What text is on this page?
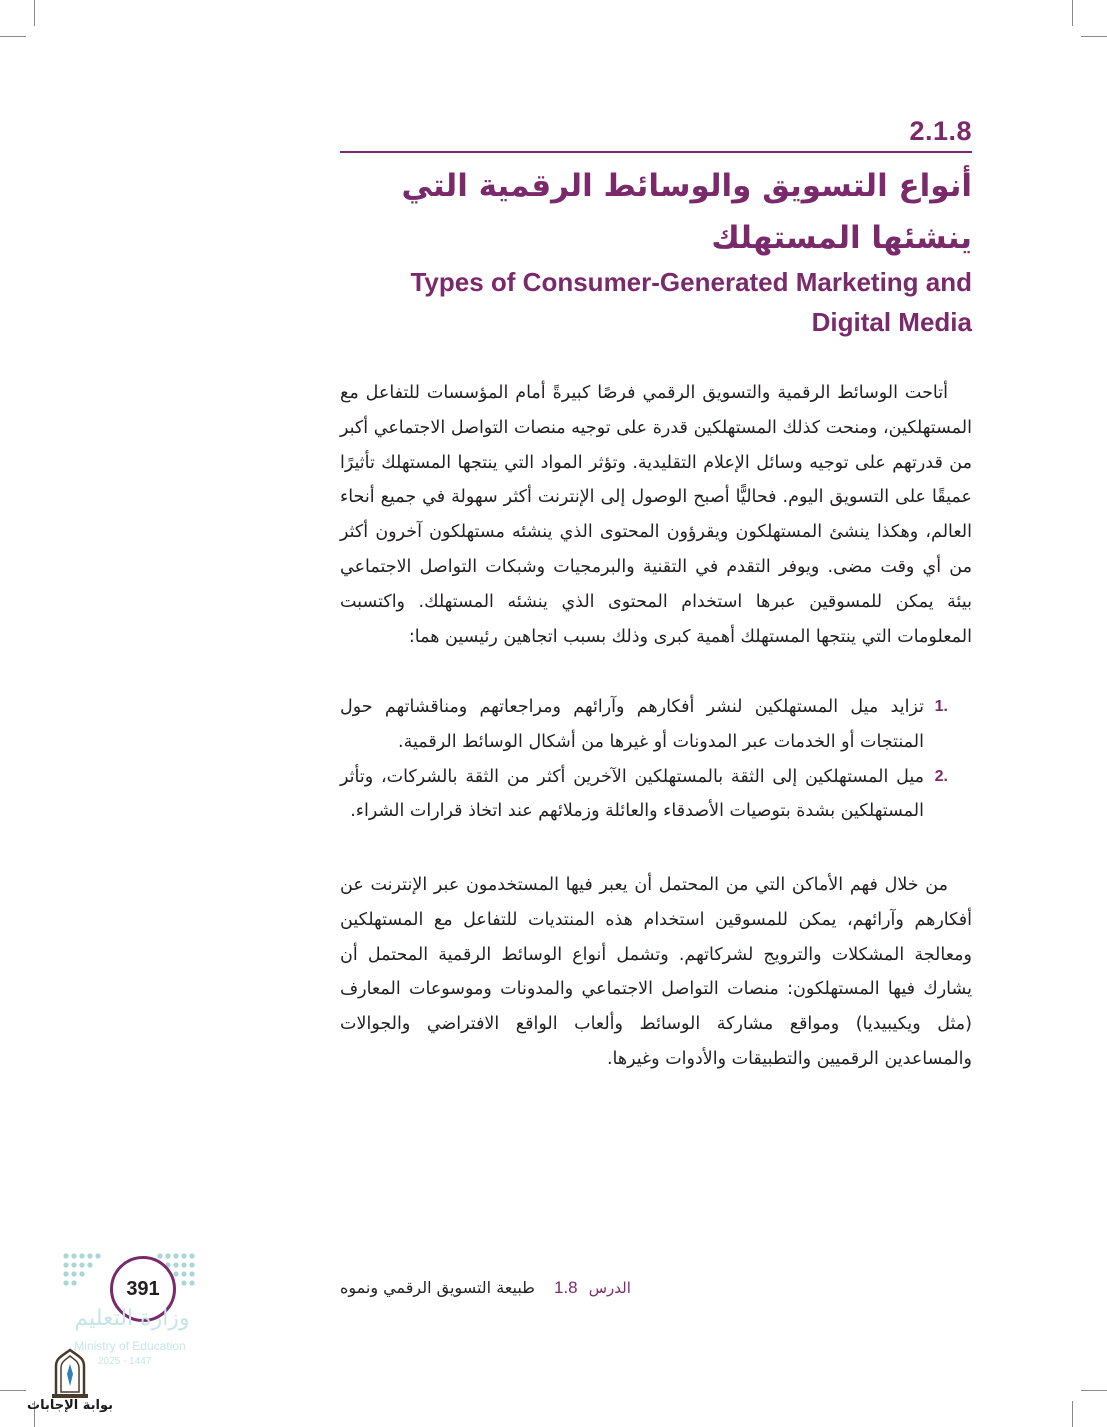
2.1.8
أنواع التسويق والوسائط الرقمية التي ينشئها المستهلك
Types of Consumer-Generated Marketing and Digital Media
أتاحت الوسائط الرقمية والتسويق الرقمي فرصًا كبيرةً أمام المؤسسات للتفاعل مع المستهلكين، ومنحت كذلك المستهلكين قدرة على توجيه منصات التواصل الاجتماعي أكبر من قدرتهم على توجيه وسائل الإعلام التقليدية. وتؤثر المواد التي ينتجها المستهلك تأثيرًا عميقًا على التسويق اليوم. فحاليًّا أصبح الوصول إلى الإنترنت أكثر سهولة في جميع أنحاء العالم، وهكذا ينشئ المستهلكون ويقرؤون المحتوى الذي ينشئه مستهلكون آخرون أكثر من أي وقت مضى. ويوفر التقدم في التقنية والبرمجيات وشبكات التواصل الاجتماعي بيئة يمكن للمسوقين عبرها استخدام المحتوى الذي ينشئه المستهلك. واكتسبت المعلومات التي ينتجها المستهلك أهمية كبرى وذلك بسبب اتجاهين رئيسين هما:
.1
تزايد ميل المستهلكين لنشر أفكارهم وآرائهم ومراجعاتهم ومناقشاتهم حول المنتجات أو الخدمات عبر المدونات أو غيرها من أشكال الوسائط الرقمية.
.2
ميل المستهلكين إلى الثقة بالمستهلكين الآخرين أكثر من الثقة بالشركات، وتأثر المستهلكين بشدة بتوصيات الأصدقاء والعائلة وزملائهم عند اتخاذ قرارات الشراء.
من خلال فهم الأماكن التي من المحتمل أن يعبر فيها المستخدمون عبر الإنترنت عن أفكارهم وآرائهم، يمكن للمسوقين استخدام هذه المنتديات للتفاعل مع المستهلكين ومعالجة المشكلات والترويج لشركاتهم. وتشمل أنواع الوسائط الرقمية المحتمل أن يشارك فيها المستهلكون: منصات التواصل الاجتماعي والمدونات وموسوعات المعارف (مثل ويكيبيديا) ومواقع مشاركة الوسائط وألعاب الواقع الافتراضي والجوالات والمساعدين الرقميين والتطبيقات والأدوات وغيرها.
الدرس 1.8 طبيعة التسويق الرقمي ونموه
391
وزارة التعليم
Ministry of Education
2025 - 1447
بوابة الإجابات
